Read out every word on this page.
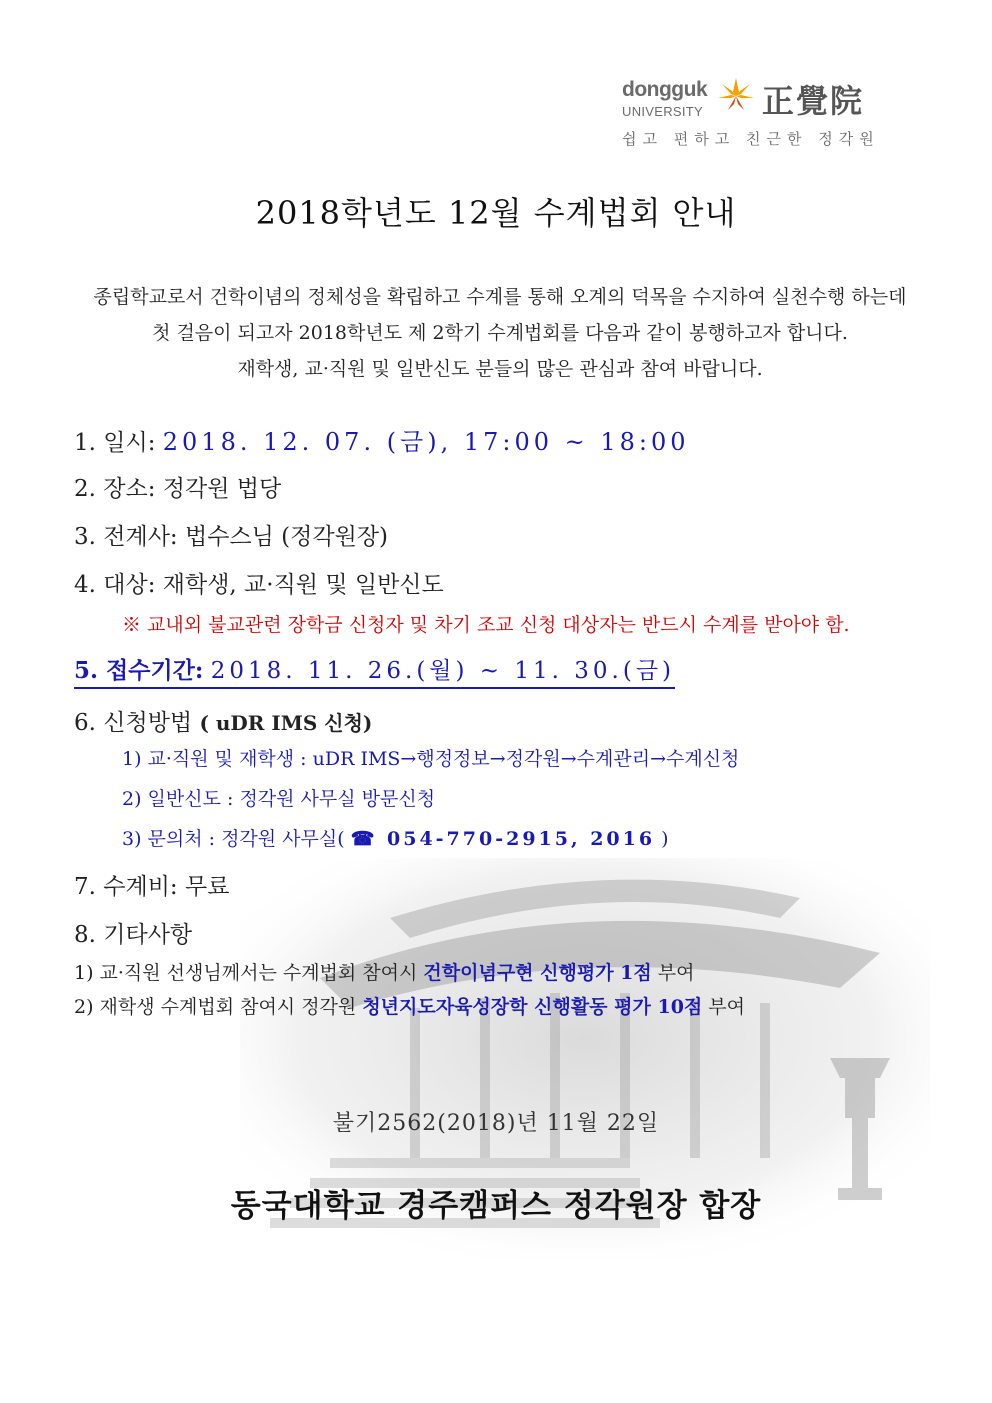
dongguk
UNIVERSITY 正覺院
쉽고 편하고 친근한 정각원
2018학년도 12월 수계법회 안내
종립학교로서 건학이념의 정체성을 확립하고 수계를 통해 오계의 덕목을 수지하여 실천수행 하는데
첫 걸음이 되고자 2018학년도 제 2학기 수계법회를 다음과 같이 봉행하고자 합니다.
재학생, 교·직원 및 일반신도 분들의 많은 관심과 참여 바랍니다.
1. 일시: 2018. 12. 07. (금), 17:00 ~ 18:00
2. 장소: 정각원 법당
3. 전계사: 법수스님 (정각원장)
4. 대상: 재학생, 교·직원 및 일반신도
※ 교내외 불교관련 장학금 신청자 및 차기 조교 신청 대상자는 반드시 수계를 받아야 함.
5. 접수기간: 2018. 11. 26.(월) ~ 11. 30.(금)
6. 신청방법 ( uDR IMS 신청)
1) 교·직원 및 재학생 : uDR IMS→행정정보→정각원→수계관리→수계신청
2) 일반신도 : 정각원 사무실 방문신청
3) 문의처 : 정각원 사무실( ☎ 054-770-2915, 2016 )
7. 수계비: 무료
8. 기타사항
1) 교·직원 선생님께서는 수계법회 참여시 건학이념구현 신행평가 1점 부여
2) 재학생 수계법회 참여시 정각원 청년지도자육성장학 신행활동 평가 10점 부여
불기2562(2018)년 11월 22일
동국대학교 경주캠퍼스 정각원장 합장
